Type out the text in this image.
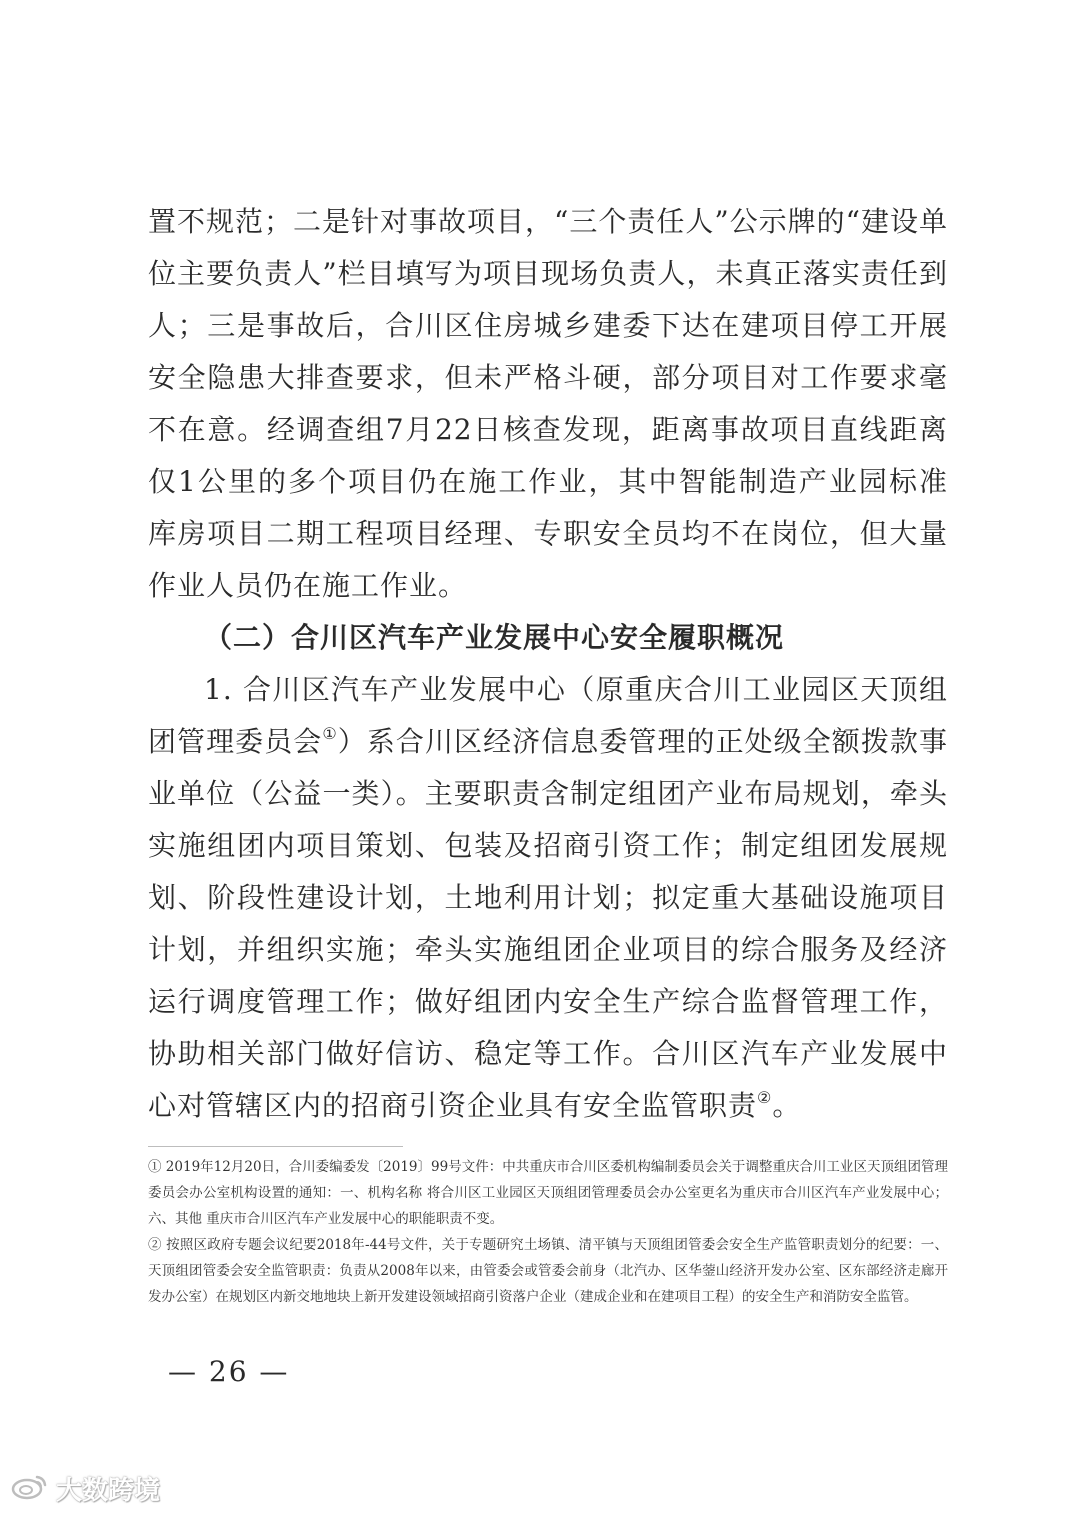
置不规范；二是针对事故项目，“三个责任人”公示牌的“建设单位主要负责人”栏目填写为项目现场负责人，未真正落实责任到人；三是事故后，合川区住房城乡建委下达在建项目停工开展安全隐患大排查要求，但未严格斗硬，部分项目对工作要求毫不在意。经调查组7月22日核查发现，距离事故项目直线距离仅1公里的多个项目仍在施工作业，其中智能制造产业园标准库房项目二期工程项目经理、专职安全员均不在岗位，但大量作业人员仍在施工作业。

（二）合川区汽车产业发展中心安全履职概况

1. 合川区汽车产业发展中心（原重庆合川工业园区天顶组团管理委员会①）系合川区经济信息委管理的正处级全额拨款事业单位（公益一类）。主要职责含制定组团产业布局规划，牵头实施组团内项目策划、包装及招商引资工作；制定组团发展规划、阶段性建设计划，土地利用计划；拟定重大基础设施项目计划，并组织实施；牵头实施组团企业项目的综合服务及经济运行调度管理工作；做好组团内安全生产综合监督管理工作，协助相关部门做好信访、稳定等工作。合川区汽车产业发展中心对管辖区内的招商引资企业具有安全监管职责②。

① 2019年12月20日，合川委编委发〔2019〕99号文件：中共重庆市合川区委机构编制委员会关于调整重庆合川工业区天顶组团管理委员会办公室机构设置的通知：一、机构名称 将合川区工业园区天顶组团管理委员会办公室更名为重庆市合川区汽车产业发展中心；六、其他 重庆市合川区汽车产业发展中心的职能职责不变。

② 按照区政府专题会议纪要2018年-44号文件，关于专题研究土场镇、清平镇与天顶组团管委会安全生产监管职责划分的纪要：一、天顶组团管委会安全监管职责：负责从2008年以来，由管委会或管委会前身（北汽办、区华蓥山经济开发办公室、区东部经济走廊开发办公室）在规划区内新交地地块上新开发建设领域招商引资落户企业（建成企业和在建项目工程）的安全生产和消防安全监管。

— 26 —
大数跨境
